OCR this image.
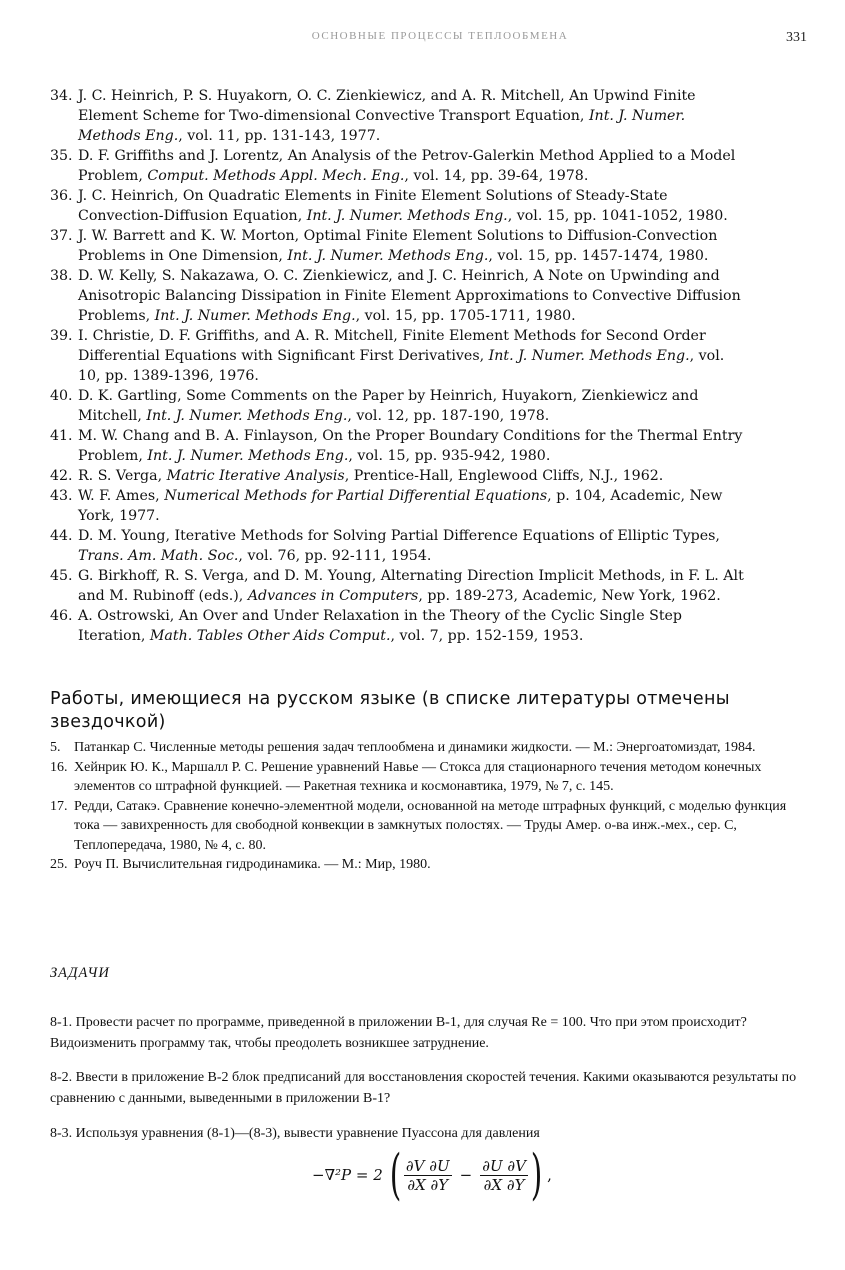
ОСНОВНЫЕ ПРОЦЕССЫ ТЕПЛООБМЕНА	331

34. J. C. Heinrich, P. S. Huyakorn, O. C. Zienkiewicz, and A. R. Mitchell, An Upwind Finite Element Scheme for Two-dimensional Convective Transport Equation, Int. J. Numer. Methods Eng., vol. 11, pp. 131-143, 1977.

35. D. F. Griffiths and J. Lorentz, An Analysis of the Petrov-Galerkin Method Applied to a Model Problem, Comput. Methods Appl. Mech. Eng., vol. 14, pp. 39-64, 1978.

36. J. C. Heinrich, On Quadratic Elements in Finite Element Solutions of Steady-State Convection-Diffusion Equation, Int. J. Numer. Methods Eng., vol. 15, pp. 1041-1052, 1980.

37. J. W. Barrett and K. W. Morton, Optimal Finite Element Solutions to Diffusion-Convection Problems in One Dimension, Int. J. Numer. Methods Eng., vol. 15, pp. 1457-1474, 1980.

38. D. W. Kelly, S. Nakazawa, O. C. Zienkiewicz, and J. C. Heinrich, A Note on Upwinding and Anisotropic Balancing Dissipation in Finite Element Approximations to Convective Diffusion Problems, Int. J. Numer. Methods Eng., vol. 15, pp. 1705-1711, 1980.

39. I. Christie, D. F. Griffiths, and A. R. Mitchell, Finite Element Methods for Second Order Differential Equations with Significant First Derivatives, Int. J. Numer. Methods Eng., vol. 10, pp. 1389-1396, 1976.

40. D. K. Gartling, Some Comments on the Paper by Heinrich, Huyakorn, Zienkiewicz and Mitchell, Int. J. Numer. Methods Eng., vol. 12, pp. 187-190, 1978.

41. M. W. Chang and B. A. Finlayson, On the Proper Boundary Conditions for the Thermal Entry Problem, Int. J. Numer. Methods Eng., vol. 15, pp. 935-942, 1980.

42. R. S. Verga, Matric Iterative Analysis, Prentice-Hall, Englewood Cliffs, N.J., 1962.

43. W. F. Ames, Numerical Methods for Partial Differential Equations, p. 104, Academic, New York, 1977.

44. D. M. Young, Iterative Methods for Solving Partial Difference Equations of Elliptic Types, Trans. Am. Math. Soc., vol. 76, pp. 92-111, 1954.

45. G. Birkhoff, R. S. Verga, and D. M. Young, Alternating Direction Implicit Methods, in F. L. Alt and M. Rubinoff (eds.), Advances in Computers, pp. 189-273, Academic, New York, 1962.

46. A. Ostrowski, An Over and Under Relaxation in the Theory of the Cyclic Single Step Iteration, Math. Tables Other Aids Comput., vol. 7, pp. 152-159, 1953.

Работы, имеющиеся на русском языке (в списке литературы отмечены звездочкой)

5. Патанкар С. Численные методы решения задач теплообмена и динамики жидкости. — М.: Энергоатомиздат, 1984.

16. Хейнрик Ю. К., Маршалл Р. С. Решение уравнений Навье — Стокса для стационарного течения методом конечных элементов со штрафной функцией. — Ракетная техника и космонавтика, 1979, № 7, с. 145.

17. Редди, Сатакэ. Сравнение конечно-элементной модели, основанной на методе штрафных функций, с моделью функция тока — завихренность для свободной конвекции в замкнутых полостях. — Труды Амер. о-ва инж.-мех., сер. С, Теплопередача, 1980, № 4, с. 80.

25. Роуч П. Вычислительная гидродинамика. — М.: Мир, 1980.

ЗАДАЧИ

8-1. Провести расчет по программе, приведенной в приложении В-1, для случая Re = 100. Что при этом происходит? Видоизменить программу так, чтобы преодолеть возникшее затруднение.

8-2. Ввести в приложение В-2 блок предписаний для восстановления скоростей течения. Какими оказываются результаты по сравнению с данными, выведенными в приложении В-1?

8-3. Используя уравнения (8-1)—(8-3), вывести уравнение Пуассона для давления

−∇²P = 2 ( $\frac{\partial V \partial U}{\partial X \partial Y} - \frac{\partial U \partial V}{\partial X \partial Y}$ ) ,
